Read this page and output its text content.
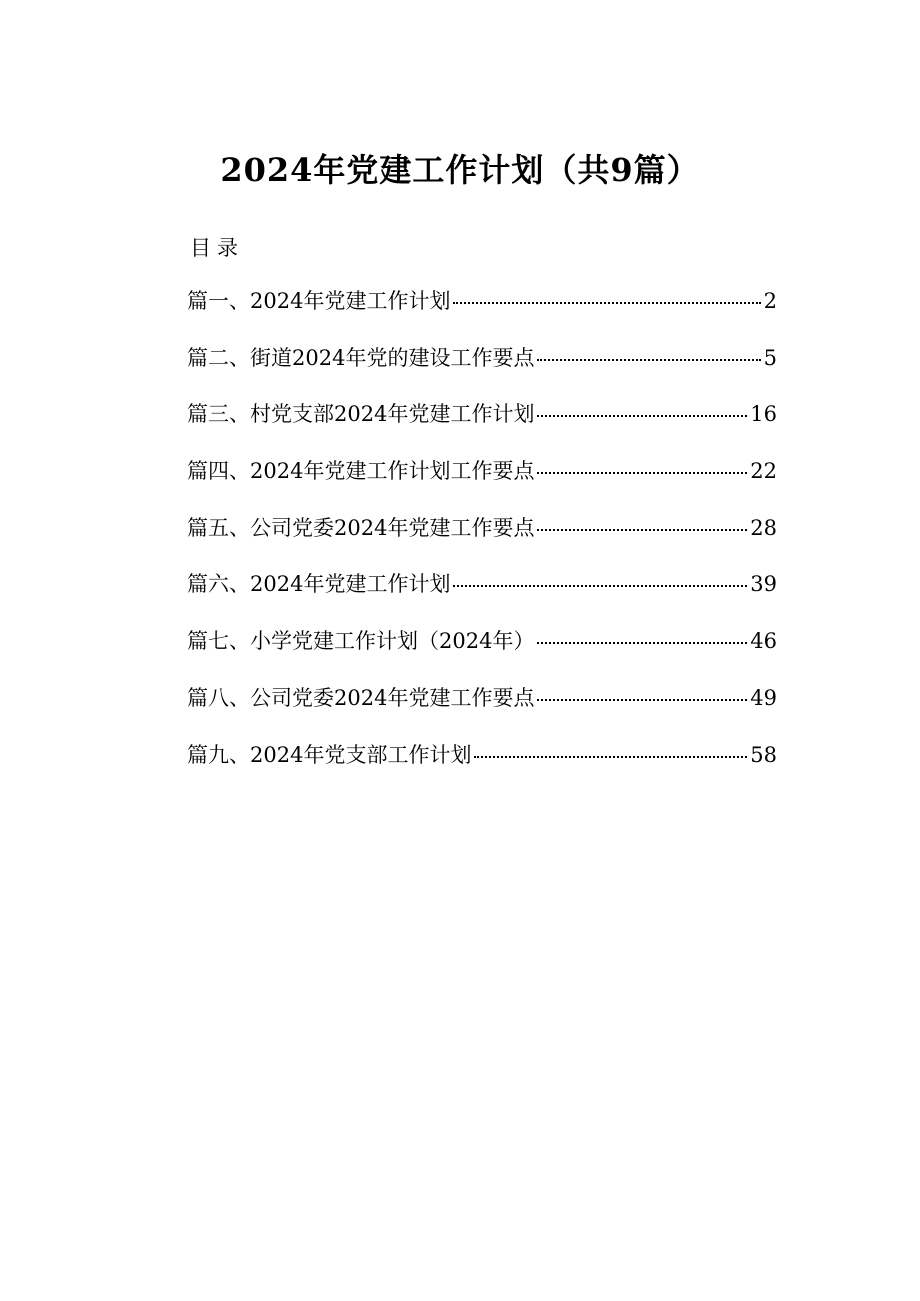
2024年党建工作计划（共9篇）
目录
篇一、2024年党建工作计划	2
篇二、街道2024年党的建设工作要点	5
篇三、村党支部2024年党建工作计划	16
篇四、2024年党建工作计划工作要点	22
篇五、公司党委2024年党建工作要点	28
篇六、2024年党建工作计划	39
篇七、小学党建工作计划（2024年）	46
篇八、公司党委2024年党建工作要点	49
篇九、2024年党支部工作计划	58
